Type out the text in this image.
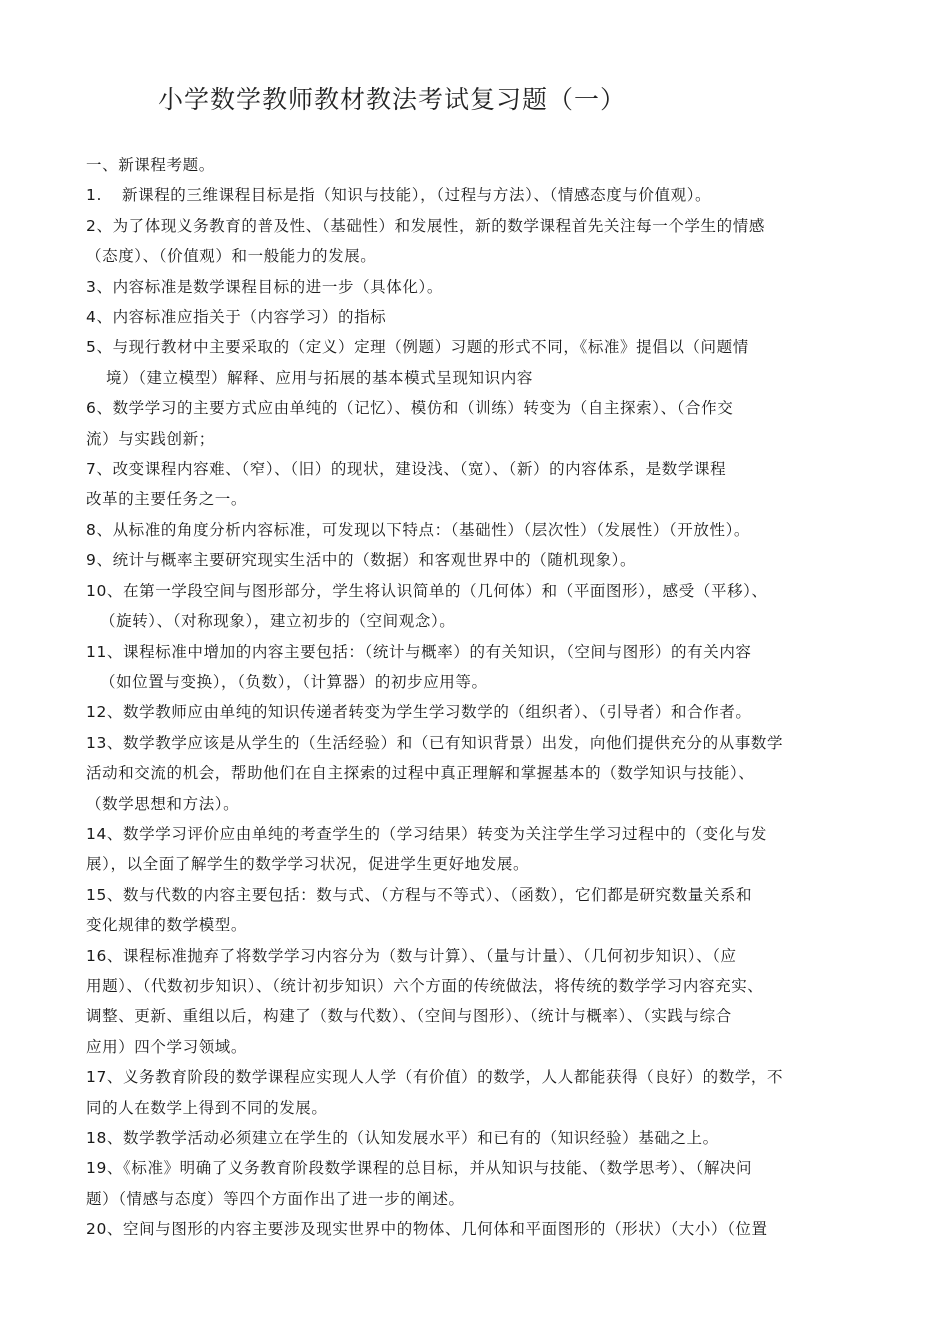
小学数学教师教材教法考试复习题（一）
一、新课程考题。
1. 新课程的三维课程目标是指（知识与技能），（过程与方法）、（情感态度与价值观）。
2、为了体现义务教育的普及性、（基础性）和发展性，新的数学课程首先关注每一个学生的情感
（态度）、（价值观）和一般能力的发展。
3、内容标准是数学课程目标的进一步（具体化）。
4、内容标准应指关于（内容学习）的指标
5、与现行教材中主要采取的（定义）定理（例题）习题的形式不同，《标准》提倡以（问题情
境）（建立模型）解释、应用与拓展的基本模式呈现知识内容
6、数学学习的主要方式应由单纯的（记忆）、模仿和（训练）转变为（自主探索）、（合作交
流）与实践创新；
7、改变课程内容难、（窄）、（旧）的现状，建设浅、（宽）、（新）的内容体系，是数学课程
改革的主要任务之一。
8、从标准的角度分析内容标准，可发现以下特点：（基础性）（层次性）（发展性）（开放性）。
9、统计与概率主要研究现实生活中的（数据）和客观世界中的（随机现象）。
10、在第一学段空间与图形部分，学生将认识简单的（几何体）和（平面图形），感受（平移）、
（旋转）、（对称现象），建立初步的（空间观念）。
11、课程标准中增加的内容主要包括：（统计与概率）的有关知识，（空间与图形）的有关内容
（如位置与变换），（负数），（计算器）的初步应用等。
12、数学教师应由单纯的知识传递者转变为学生学习数学的（组织者）、（引导者）和合作者。
13、数学教学应该是从学生的（生活经验）和（已有知识背景）出发，向他们提供充分的从事数学
活动和交流的机会，帮助他们在自主探索的过程中真正理解和掌握基本的（数学知识与技能）、
（数学思想和方法）。
14、数学学习评价应由单纯的考查学生的（学习结果）转变为关注学生学习过程中的（变化与发
展），以全面了解学生的数学学习状况，促进学生更好地发展。
15、数与代数的内容主要包括：数与式、（方程与不等式）、（函数），它们都是研究数量关系和
变化规律的数学模型。
16、课程标准抛弃了将数学学习内容分为（数与计算）、（量与计量）、（几何初步知识）、（应
用题）、（代数初步知识）、（统计初步知识）六个方面的传统做法，将传统的数学学习内容充实、
调整、更新、重组以后，构建了（数与代数）、（空间与图形）、（统计与概率）、（实践与综合
应用）四个学习领域。
17、义务教育阶段的数学课程应实现人人学（有价值）的数学，人人都能获得（良好）的数学，不
同的人在数学上得到不同的发展。
18、数学教学活动必须建立在学生的（认知发展水平）和已有的（知识经验）基础之上。
19、《标准》明确了义务教育阶段数学课程的总目标，并从知识与技能、（数学思考）、（解决问
题）（情感与态度）等四个方面作出了进一步的阐述。
20、空间与图形的内容主要涉及现实世界中的物体、几何体和平面图形的（形状）（大小）（位置
